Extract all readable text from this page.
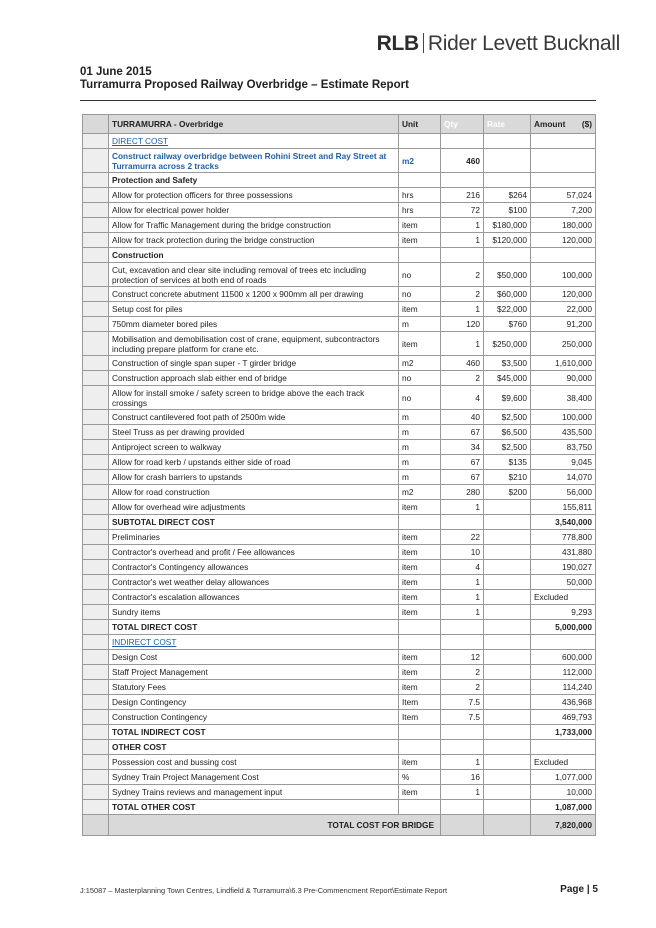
RLB Rider Levett Bucknall
01 June 2015
Turramurra Proposed Railway Overbridge – Estimate Report
	TURRAMURRA - Overbridge	Unit	Qty	Rate	Amount ($)

	DIRECT COST				
	Construct railway overbridge between Rohini Street and Ray Street at Turramurra across 2 tracks	m2	460		
	Protection and Safety				
	Allow for protection officers for three possessions	hrs	216	$264	57,024
	Allow for electrical power holder	hrs	72	$100	7,200
	Allow for Traffic Management during the bridge construction	item	1	$180,000	180,000
	Allow for track protection during the bridge construction	item	1	$120,000	120,000
	Construction				
	Cut, excavation and clear site including removal of trees etc including protection of services at both end of roads	no	2	$50,000	100,000
	Construct concrete abutment 11500 x 1200 x 900mm all per drawing	no	2	$60,000	120,000
	Setup cost for piles	item	1	$22,000	22,000
	750mm diameter bored piles	m	120	$760	91,200
	Mobilisation and demobilisation cost of crane, equipment, subcontractors including prepare platform for crane etc.	item	1	$250,000	250,000
	Construction of single span super - T girder bridge	m2	460	$3,500	1,610,000
	Construction approach slab either end of bridge	no	2	$45,000	90,000
	Allow for install smoke / safety screen to bridge above the each track crossings	no	4	$9,600	38,400
	Construct cantilevered foot path of 2500m wide	m	40	$2,500	100,000
	Steel Truss as per drawing provided	m	67	$6,500	435,500
	Antiproject screen to walkway	m	34	$2,500	83,750
	Allow for road kerb / upstands either side of road	m	67	$135	9,045
	Allow for crash barriers to upstands	m	67	$210	14,070
	Allow for road construction	m2	280	$200	56,000
	Allow for overhead wire adjustments	item	1		155,811
	SUBTOTAL DIRECT COST				3,540,000
	Preliminaries	item	22		778,800
	Contractor's overhead and profit / Fee allowances	item	10		431,880
	Contractor's Contingency allowances	item	4		190,027
	Contractor's wet weather delay allowances	item	1		50,000
	Contractor's escalation allowances	item	1		Excluded
	Sundry items	item	1		9,293
	TOTAL DIRECT COST				5,000,000
	INDIRECT COST				
	Design Cost	item	12		600,000
	Staff Project Management	item	2		112,000
	Statutory Fees	item	2		114,240
	Design Contingency	Item	7.5		436,968
	Construction Contingency	Item	7.5		469,793
	TOTAL INDIRECT COST				1,733,000
	OTHER COST				
	Possession cost and bussing cost	item	1		Excluded
	Sydney Train Project Management Cost	%	16		1,077,000
	Sydney Trains reviews and management input	item	1		10,000
	TOTAL OTHER COST				1,087,000
	TOTAL COST FOR BRIDGE				7,820,000
J:15087 – Masterplanning Town Centres, Lindfield & Turramurra\6.3 Pre-Commencment Report\Estimate Report	Page | 5
